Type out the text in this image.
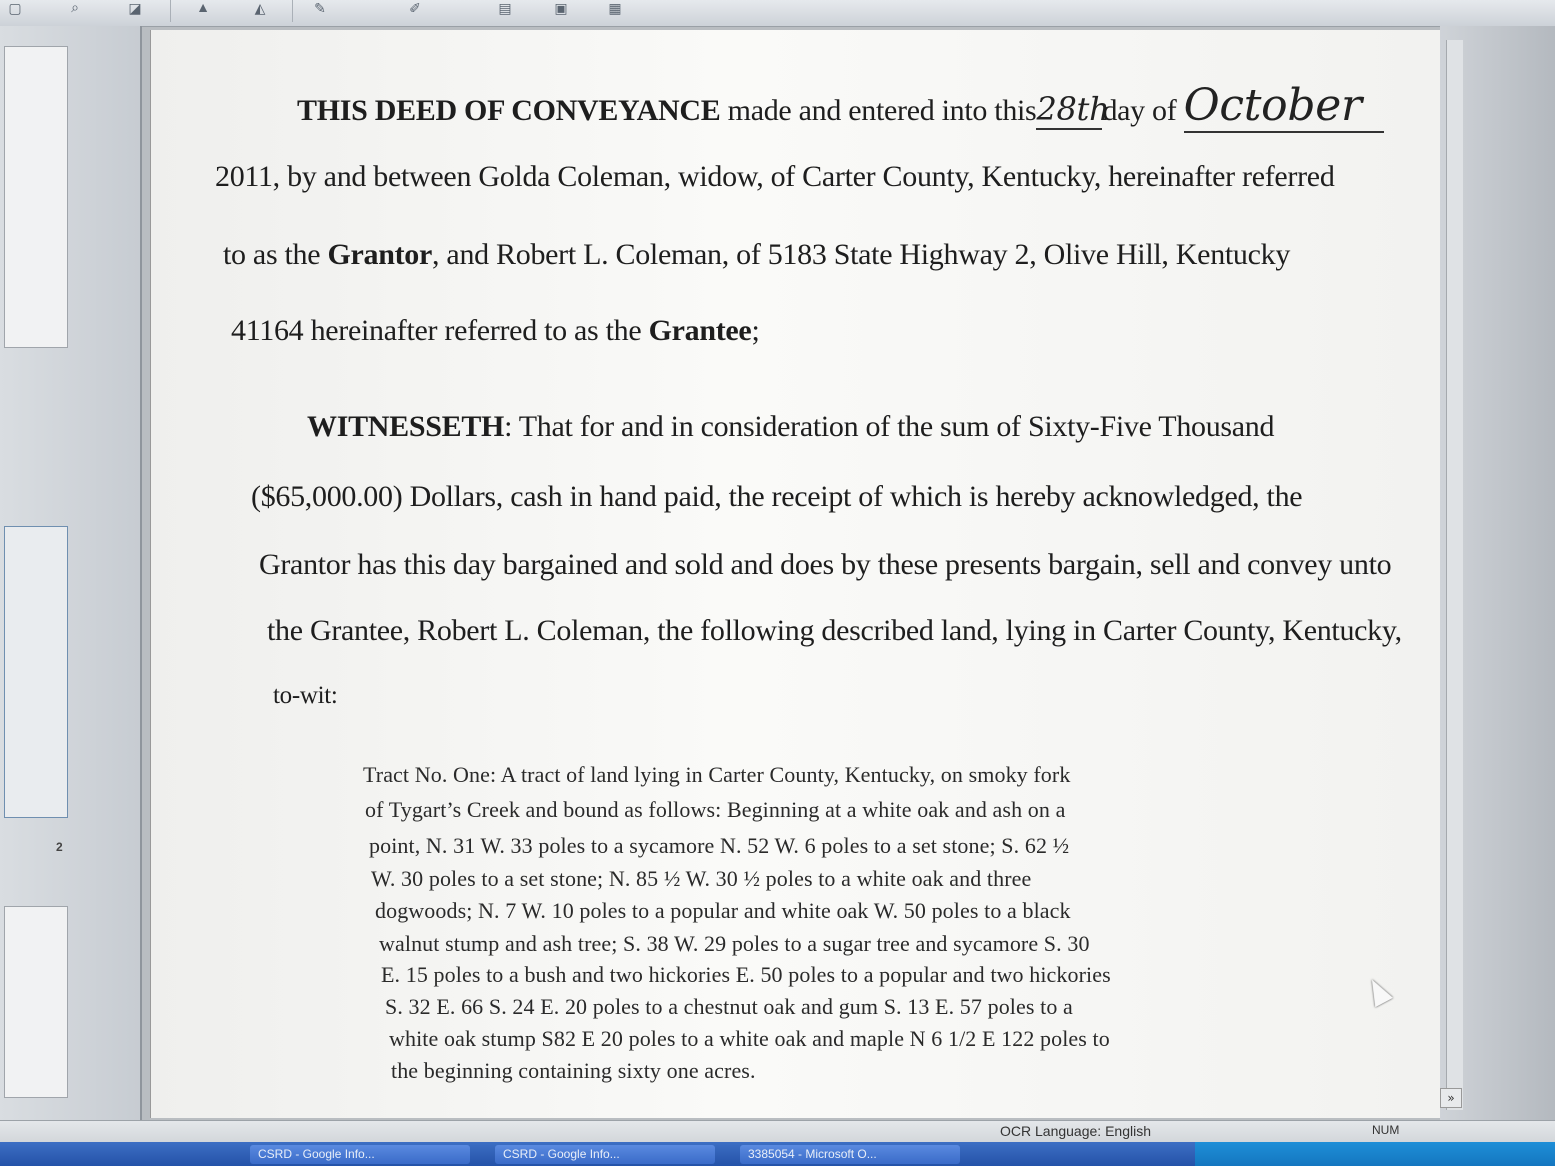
▢	⌕	◪	▲	◭	✎	✐	▤	▣	▦
2
THIS DEED OF CONVEYANCE made and entered into this28thday of October
2011, by and between Golda Coleman, widow, of Carter County, Kentucky, hereinafter referred
to as the Grantor, and Robert L. Coleman, of 5183 State Highway 2, Olive Hill, Kentucky
41164 hereinafter referred to as the Grantee;
WITNESSETH: That for and in consideration of the sum of Sixty-Five Thousand
($65,000.00) Dollars, cash in hand paid, the receipt of which is hereby acknowledged, the
Grantor has this day bargained and sold and does by these presents bargain, sell and convey unto
the Grantee, Robert L. Coleman, the following described land, lying in Carter County, Kentucky,
to-wit:
Tract No. One: A tract of land lying in Carter County, Kentucky, on smoky fork
of Tygart’s Creek and bound as follows: Beginning at a white oak and ash on a
point, N. 31 W. 33 poles to a sycamore N. 52 W. 6 poles to a set stone; S. 62 ½
W. 30 poles to a set stone; N. 85 ½ W. 30 ½ poles to a white oak and three
dogwoods; N. 7 W. 10 poles to a popular and white oak W. 50 poles to a black
walnut stump and ash tree; S. 38 W. 29 poles to a sugar tree and sycamore S. 30
E. 15 poles to a bush and two hickories E. 50 poles to a popular and two hickories
S. 32 E. 66 S. 24 E. 20 poles to a chestnut oak and gum S. 13 E. 57 poles to a
white oak stump S82 E 20 poles to a white oak and maple N 6 1/2 E 122 poles to
the beginning containing sixty one acres.
»
OCR Language: English	NUM
CSRD - Google Info...	CSRD - Google Info...	3385054 - Microsoft O...
